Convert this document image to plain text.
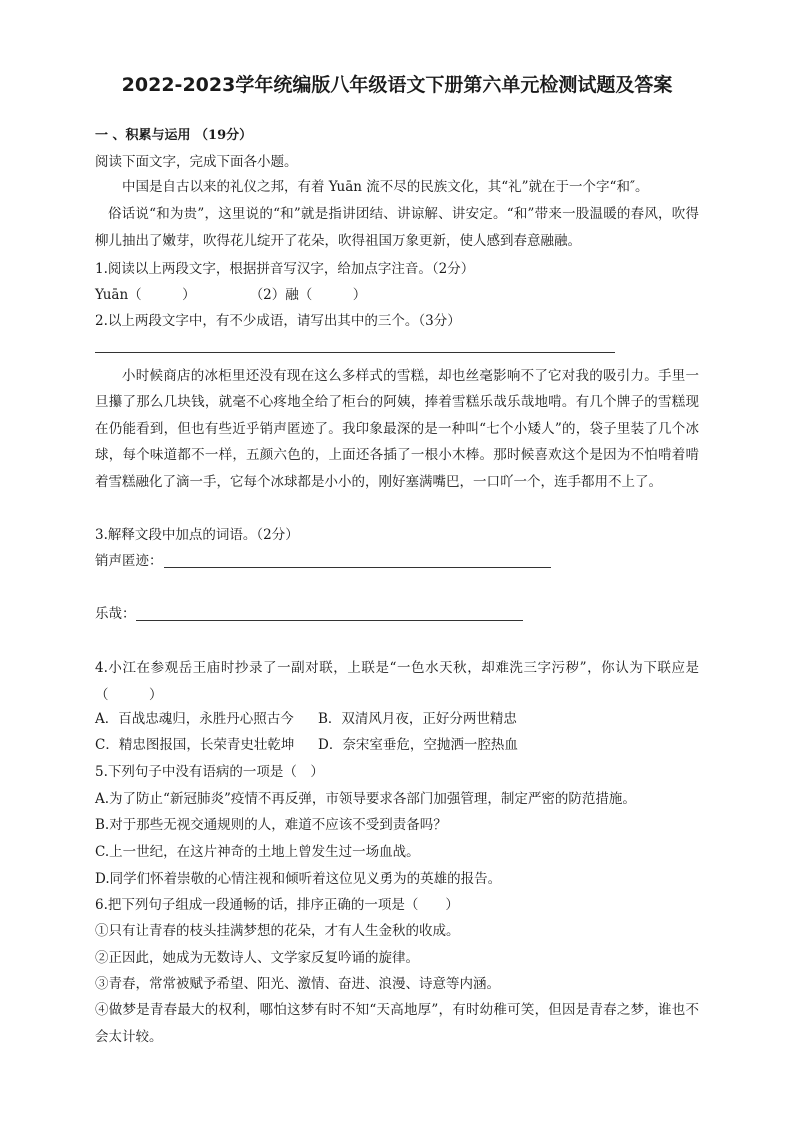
2022-2023学年统编版八年级语文下册第六单元检测试题及答案
一 、积累与运用 （19分）
阅读下面文字，完成下面各小题。
中国是自古以来的礼仪之邦，有着 Yuān 流不尽的民族文化，其“礼”就在于一个字“和″。
俗话说“和为贵”，这里说的“和”就是指讲团结、讲谅解、讲安定。“和”带来一股温暖的春风，吹得柳儿抽出了嫩芽，吹得花儿绽开了花朵，吹得祖国万象更新，使人感到春意融融。
1.阅读以上两段文字，根据拼音写汉字，给加点字注音。（2分）
Yuān（　　　）	（2）融（　　　）
2.以上两段文字中，有不少成语，请写出其中的三个。（3分）
小时候商店的冰柜里还没有现在这么多样式的雪糕，却也丝毫影响不了它对我的吸引力。手里一旦攥了那么几块钱，就毫不心疼地全给了柜台的阿姨，捧着雪糕乐哉乐哉地啃。有几个牌子的雪糕现在仍能看到，但也有些近乎销声匿迹了。我印象最深的是一种叫“七个小矮人”的，袋子里装了几个冰球，每个味道都不一样，五颜六色的，上面还各插了一根小木棒。那时候喜欢这个是因为不怕啃着啃着雪糕融化了滴一手，它每个冰球都是小小的，刚好塞满嘴巴，一口吖一个，连手都用不上了。
3.解释文段中加点的词语。（2分）
销声匿迹：
乐哉：
4.小江在参观岳王庙时抄录了一副对联，上联是“一色水天秋，却难洗三字污秽”，你认为下联应是（　　　）
A．百战忠魂归，永胜丹心照古今 B．双清风月夜，正好分两世精忠
C．精忠图报国，长荣青史壮乾坤 D．奈宋室垂危，空抛洒一腔热血
5.下列句子中没有语病的一项是（　）
A.为了防止“新冠肺炎”疫情不再反弹，市领导要求各部门加强管理，制定严密的防范措施。
B.对于那些无视交通规则的人，难道不应该不受到责备吗？
C.上一世纪，在这片神奇的土地上曾发生过一场血战。
D.同学们怀着崇敬的心情注视和倾听着这位见义勇为的英雄的报告。
6.把下列句子组成一段通畅的话，排序正确的一项是（　　）
①只有让青春的枝头挂满梦想的花朵，才有人生金秋的收成。
②正因此，她成为无数诗人、文学家反复吟诵的旋律。
③青春，常常被赋予希望、阳光、激情、奋进、浪漫、诗意等内涵。
④做梦是青春最大的权利，哪怕这梦有时不知“天高地厚”，有时幼稚可笑，但因是青春之梦，谁也不会太计较。
